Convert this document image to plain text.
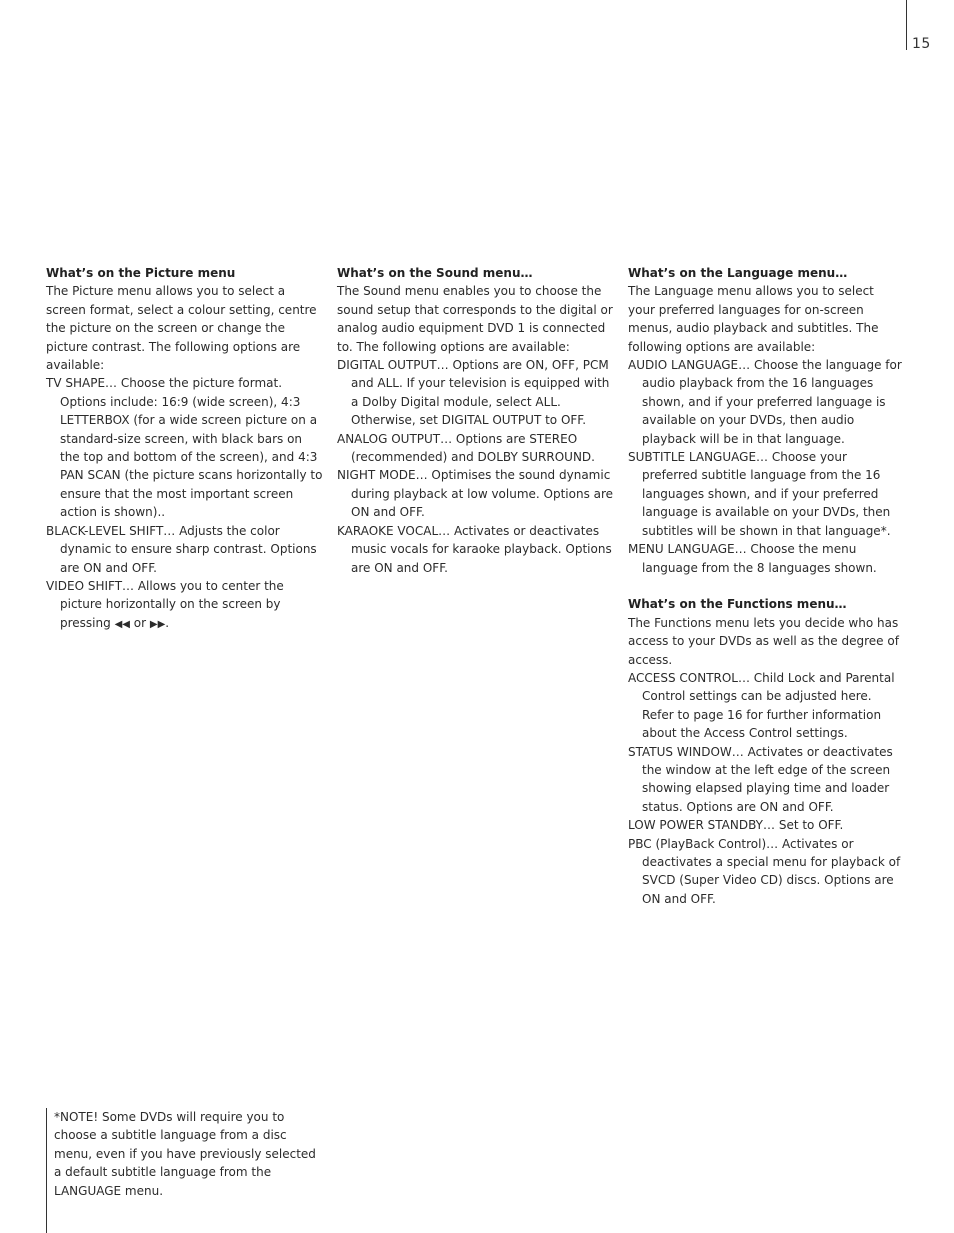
15
What’s on the Picture menu

The Picture menu allows you to select a screen format, select a colour setting, centre the picture on the screen or change the picture contrast. The following options are available:

TV SHAPE… Choose the picture format. Options include: 16:9 (wide screen), 4:3 LETTERBOX (for a wide screen picture on a standard-size screen, with black bars on the top and bottom of the screen), and 4:3 PAN SCAN (the picture scans horizontally to ensure that the most important screen action is shown)..

BLACK-LEVEL SHIFT… Adjusts the color dynamic to ensure sharp contrast. Options are ON and OFF.

VIDEO SHIFT… Allows you to center the picture horizontally on the screen by pressing ◀◀ or ▶▶.

What’s on the Sound menu…

The Sound menu enables you to choose the sound setup that corresponds to the digital or analog audio equipment DVD 1 is connected to. The following options are available:

DIGITAL OUTPUT… Options are ON, OFF, PCM and ALL. If your television is equipped with a Dolby Digital module, select ALL. Otherwise, set DIGITAL OUTPUT to OFF.

ANALOG OUTPUT… Options are STEREO (recommended) and DOLBY SURROUND.

NIGHT MODE… Optimises the sound dynamic during playback at low volume. Options are ON and OFF.

KARAOKE VOCAL… Activates or deactivates music vocals for karaoke playback. Options are ON and OFF.

What’s on the Language menu…

The Language menu allows you to select your preferred languages for on-screen menus, audio playback and subtitles. The following options are available:

AUDIO LANGUAGE… Choose the language for audio playback from the 16 languages shown, and if your preferred language is available on your DVDs, then audio playback will be in that language.

SUBTITLE LANGUAGE… Choose your preferred subtitle language from the 16 languages shown, and if your preferred language is available on your DVDs, then subtitles will be shown in that language*.

MENU LANGUAGE… Choose the menu language from the 8 languages shown.

What’s on the Functions menu…

The Functions menu lets you decide who has access to your DVDs as well as the degree of access.

ACCESS CONTROL… Child Lock and Parental Control settings can be adjusted here. Refer to page 16 for further information about the Access Control settings.

STATUS WINDOW… Activates or deactivates the window at the left edge of the screen showing elapsed playing time and loader status. Options are ON and OFF.

LOW POWER STANDBY… Set to OFF.

PBC (PlayBack Control)… Activates or deactivates a special menu for playback of SVCD (Super Video CD) discs. Options are ON and OFF.

*NOTE! Some DVDs will require you to choose a subtitle language from a disc menu, even if you have previously selected a default subtitle language from the LANGUAGE menu.
